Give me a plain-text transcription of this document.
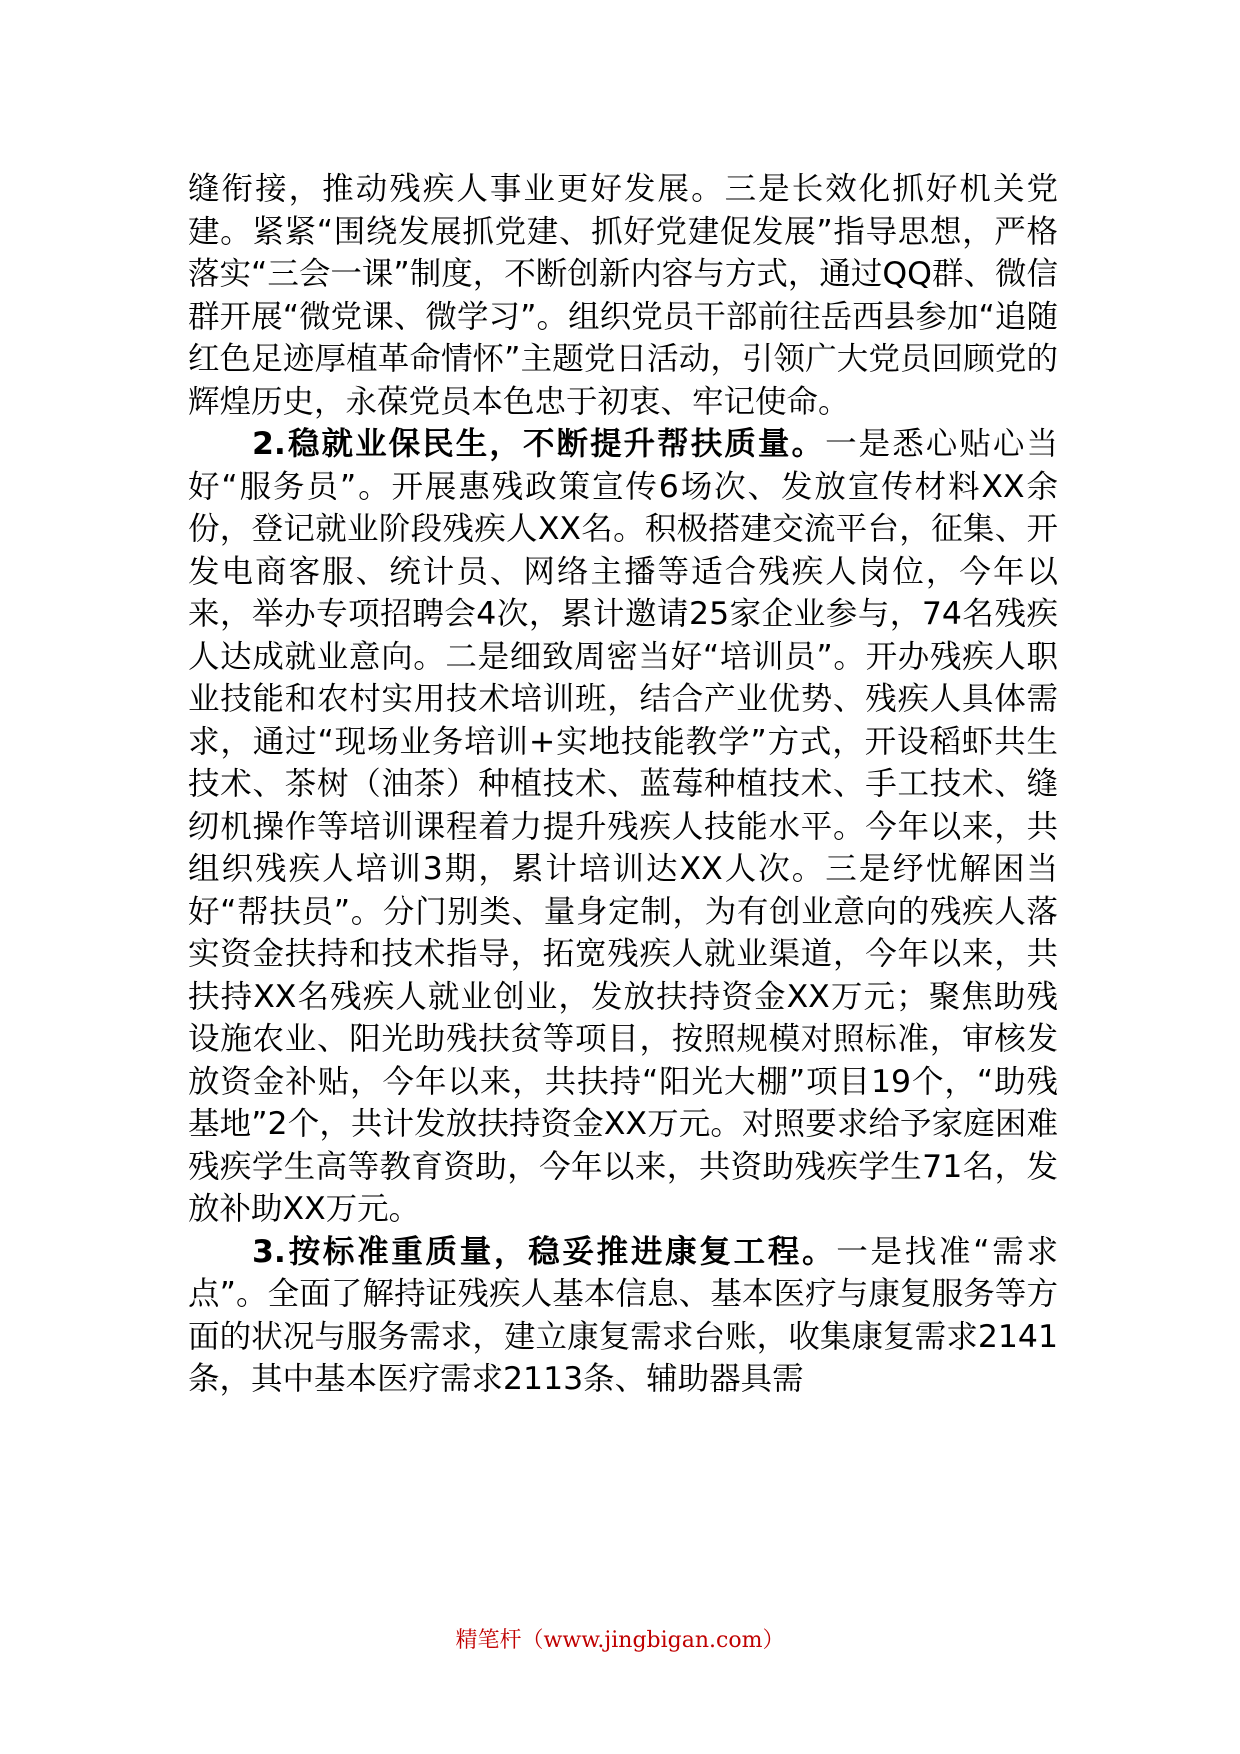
缝衔接，推动残疾人事业更好发展。三是长效化抓好机关党建。紧紧“围绕发展抓党建、抓好党建促发展”指导思想，严格落实“三会一课”制度，不断创新内容与方式，通过QQ群、微信群开展“微党课、微学习”。组织党员干部前往岳西县参加“追随红色足迹厚植革命情怀”主题党日活动，引领广大党员回顾党的辉煌历史，永葆党员本色忠于初衷、牢记使命。

2.稳就业保民生，不断提升帮扶质量。一是悉心贴心当好“服务员”。开展惠残政策宣传6场次、发放宣传材料XX余份，登记就业阶段残疾人XX名。积极搭建交流平台，征集、开发电商客服、统计员、网络主播等适合残疾人岗位，今年以来，举办专项招聘会4次，累计邀请25家企业参与，74名残疾人达成就业意向。二是细致周密当好“培训员”。开办残疾人职业技能和农村实用技术培训班，结合产业优势、残疾人具体需求，通过“现场业务培训+实地技能教学”方式，开设稻虾共生技术、茶树（油茶）种植技术、蓝莓种植技术、手工技术、缝纫机操作等培训课程着力提升残疾人技能水平。今年以来，共组织残疾人培训3期，累计培训达XX人次。三是纾忧解困当好“帮扶员”。分门别类、量身定制，为有创业意向的残疾人落实资金扶持和技术指导，拓宽残疾人就业渠道，今年以来，共扶持XX名残疾人就业创业，发放扶持资金XX万元；聚焦助残设施农业、阳光助残扶贫等项目，按照规模对照标准，审核发放资金补贴，今年以来，共扶持“阳光大棚”项目19个，“助残基地”2个，共计发放扶持资金XX万元。对照要求给予家庭困难残疾学生高等教育资助，今年以来，共资助残疾学生71名，发放补助XX万元。

3.按标准重质量，稳妥推进康复工程。一是找准“需求点”。全面了解持证残疾人基本信息、基本医疗与康复服务等方面的状况与服务需求，建立康复需求台账，收集康复需求2141条，其中基本医疗需求2113条、辅助器具需

精笔杆（www.jingbigan.com）
